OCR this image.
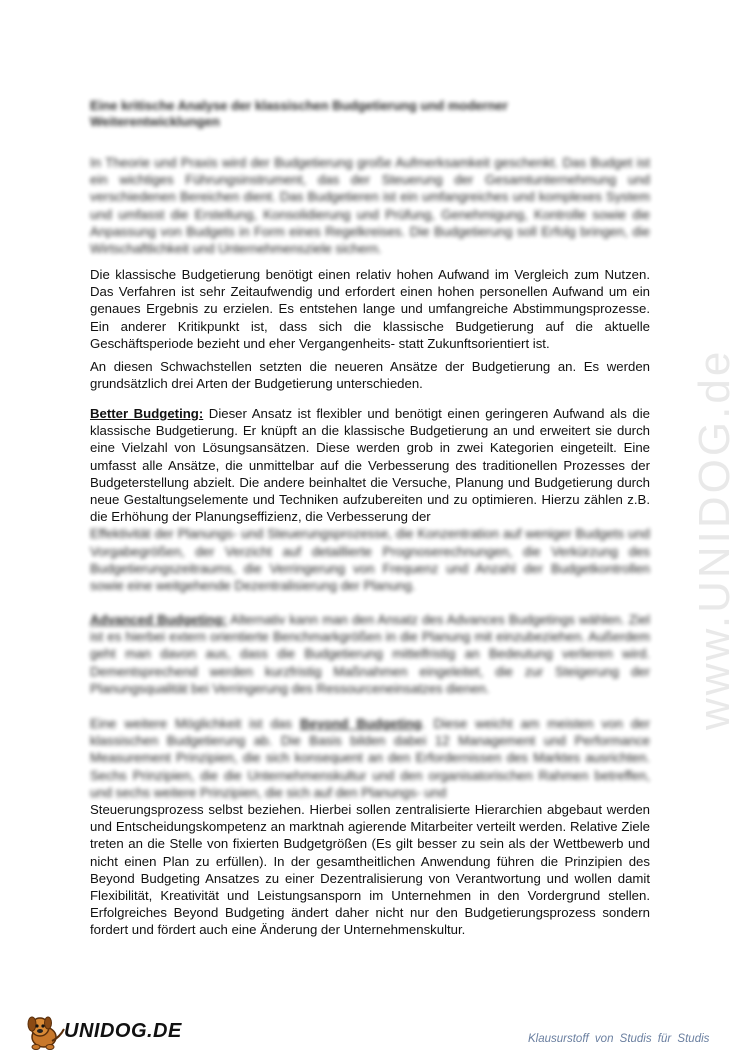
Eine kritische Analyse der klassischen Budgetierung und moderner Weiterentwicklungen

In Theorie und Praxis wird der Budgetierung große Aufmerksamkeit geschenkt. Das Budget ist ein wichtiges Führungsinstrument, das der Steuerung der Gesamtunternehmung und verschiedenen Bereichen dient. Das Budgetieren ist ein umfangreiches und komplexes System und umfasst die Erstellung, Konsolidierung und Prüfung, Genehmigung, Kontrolle sowie die Anpassung von Budgets in Form eines Regelkreises. Die Budgetierung soll Erfolg bringen, die Wirtschaftlichkeit und Unternehmensziele sichern.

Die klassische Budgetierung benötigt einen relativ hohen Aufwand im Vergleich zum Nutzen. Das Verfahren ist sehr Zeitaufwendig und erfordert einen hohen personellen Aufwand um ein genaues Ergebnis zu erzielen. Es entstehen lange und umfangreiche Abstimmungsprozesse. Ein anderer Kritikpunkt ist, dass sich die klassische Budgetierung auf die aktuelle Geschäftsperiode bezieht und eher Vergangenheits- statt Zukunftsorientiert ist.

An diesen Schwachstellen setzten die neueren Ansätze der Budgetierung an. Es werden grundsätzlich drei Arten der Budgetierung unterschieden.

Better Budgeting: Dieser Ansatz ist flexibler und benötigt einen geringeren Aufwand als die klassische Budgetierung. Er knüpft an die klassische Budgetierung an und erweitert sie durch eine Vielzahl von Lösungsansätzen. Diese werden grob in zwei Kategorien eingeteilt. Eine umfasst alle Ansätze, die unmittelbar auf die Verbesserung des traditionellen Prozesses der Budgeterstellung abzielt. Die andere beinhaltet die Versuche, Planung und Budgetierung durch neue Gestaltungselemente und Techniken aufzubereiten und zu optimieren. Hierzu zählen z.B. die Erhöhung der Planungseffizienz, die Verbesserung der

Effektivität der Planungs- und Steuerungsprozesse, die Konzentration auf weniger Budgets und Vorgabegrößen, der Verzicht auf detaillierte Prognoserechnungen, die Verkürzung des Budgetierungszeitraums, die Verringerung von Frequenz und Anzahl der Budgetkontrollen sowie eine weitgehende Dezentralisierung der Planung.

Advanced Budgeting: Alternativ kann man den Ansatz des Advances Budgetings wählen. Ziel ist es hierbei extern orientierte Benchmarkgrößen in die Planung mit einzubeziehen. Außerdem geht man davon aus, dass die Budgetierung mittelfristig an Bedeutung verlieren wird. Dementsprechend werden kurzfristig Maßnahmen eingeleitet, die zur Steigerung der Planungsqualität bei Verringerung des Ressourceneinsatzes dienen.

Eine weitere Möglichkeit ist das Beyond Budgeting. Diese weicht am meisten von der klassischen Budgetierung ab. Die Basis bilden dabei 12 Management und Performance Measurement Prinzipien, die sich konsequent an den Erfordernissen des Marktes ausrichten. Sechs Prinzipien, die die Unternehmenskultur und den organisatorischen Rahmen betreffen, und sechs weitere Prinzipien, die sich auf den Planungs- und

Steuerungsprozess selbst beziehen. Hierbei sollen zentralisierte Hierarchien abgebaut werden und Entscheidungskompetenz an marktnah agierende Mitarbeiter verteilt werden. Relative Ziele treten an die Stelle von fixierten Budgetgrößen (Es gilt besser zu sein als der Wettbewerb und nicht einen Plan zu erfüllen). In der gesamtheitlichen Anwendung führen die Prinzipien des Beyond Budgeting Ansatzes zu einer Dezentralisierung von Verantwortung und wollen damit Flexibilität, Kreativität und Leistungsansporn im Unternehmen in den Vordergrund stellen. Erfolgreiches Beyond Budgeting ändert daher nicht nur den Budgetierungsprozess sondern fordert und fördert auch eine Änderung der Unternehmenskultur.

www.UNIDOG.de
UNIDOG.DE	Klausurstoff von Studis für Studis
